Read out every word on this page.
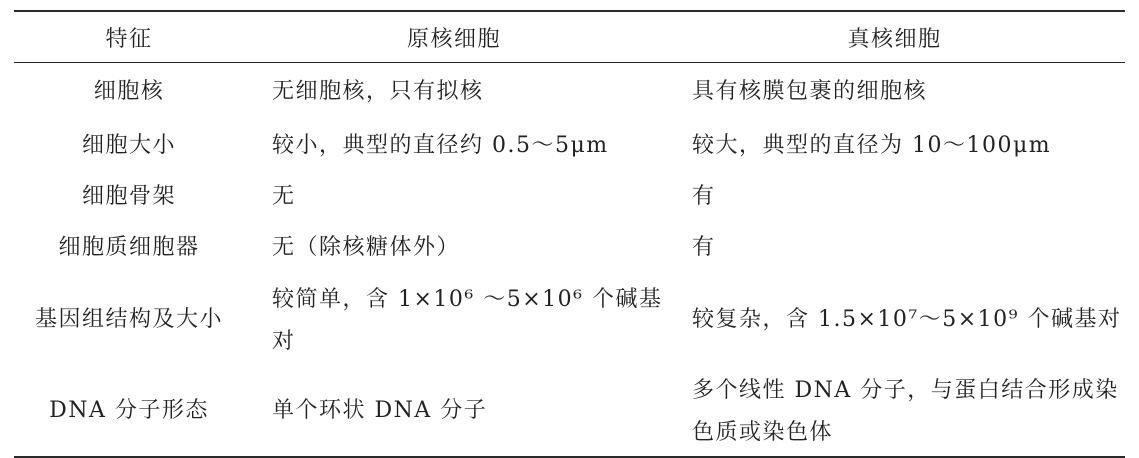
特征	原核细胞	真核细胞
细胞核	无细胞核，只有拟核	具有核膜包裹的细胞核
细胞大小	较小，典型的直径约 0.5～5μm	较大，典型的直径为 10～100μm
细胞骨架	无	有
细胞质细胞器	无（除核糖体外）	有
基因组结构及大小	较简单，含 1×10⁶ ～5×10⁶ 个碱基对	较复杂，含 1.5×10⁷～5×10⁹ 个碱基对
DNA 分子形态	单个环状 DNA 分子	多个线性 DNA 分子，与蛋白结合形成染色质或染色体
